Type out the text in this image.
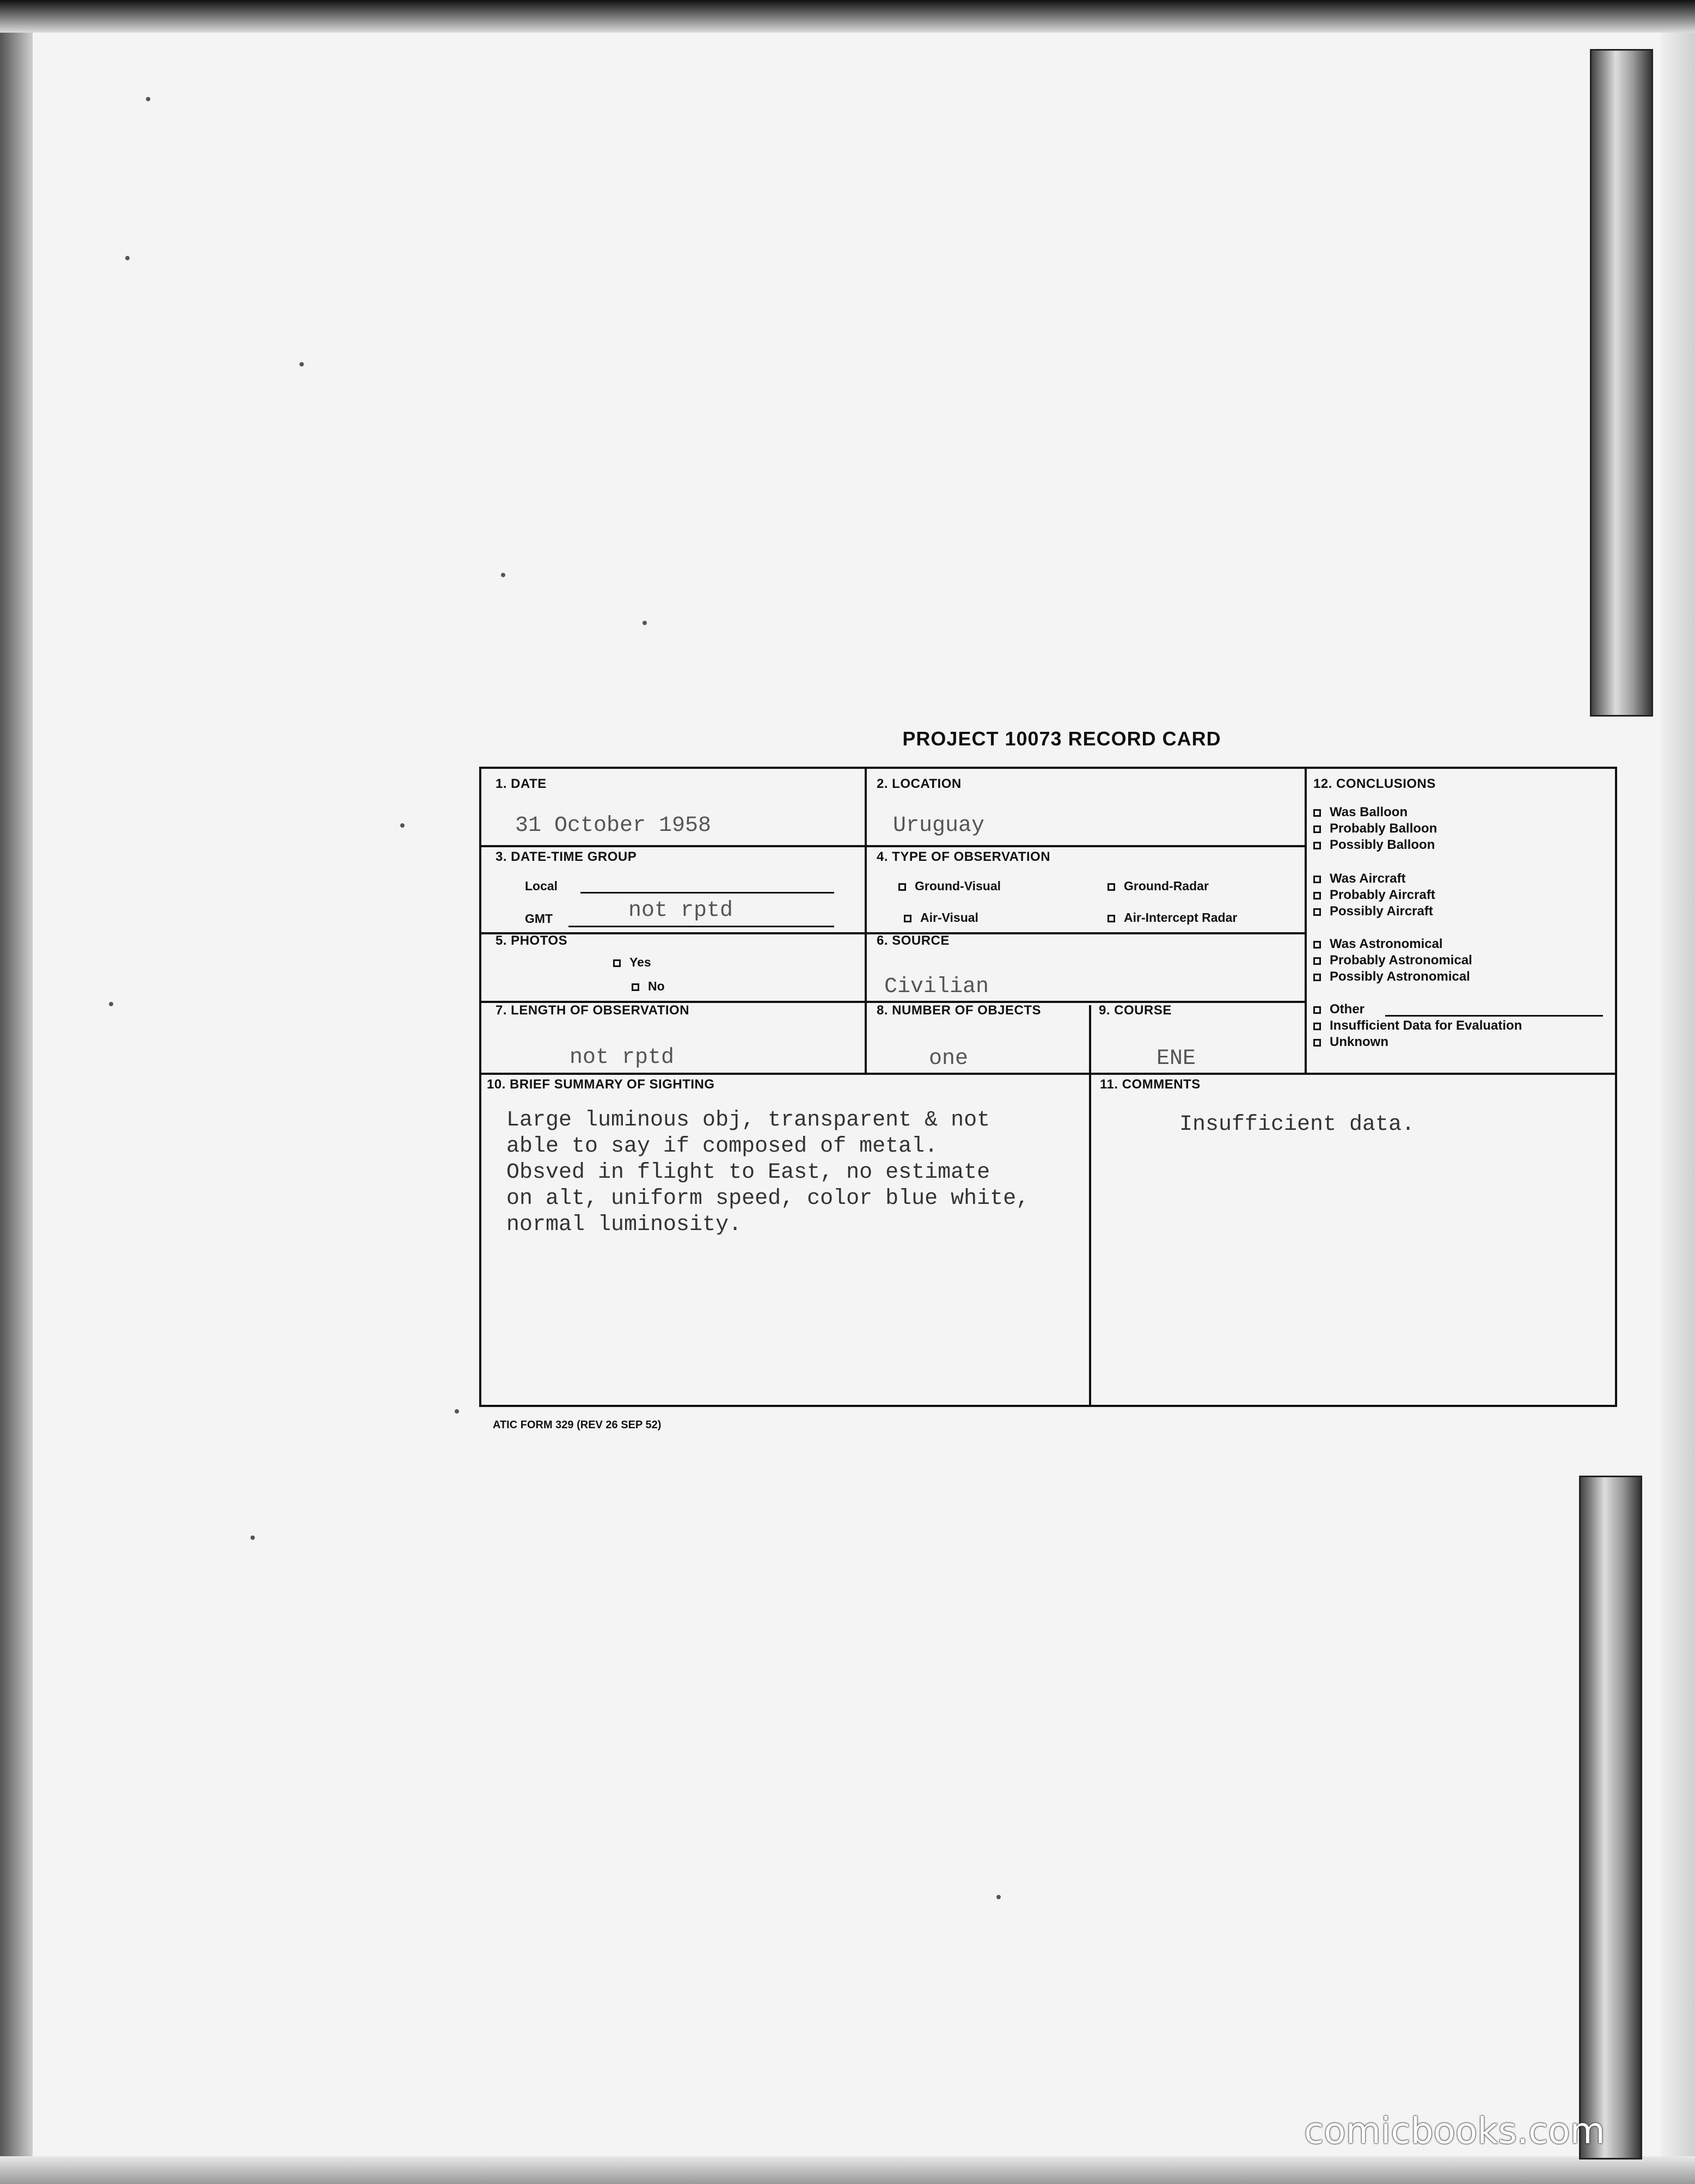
PROJECT 10073 RECORD CARD
1. DATE
31 October 1958
2. LOCATION
Uruguay
3. DATE-TIME GROUP
Local
GMT	not rptd
4. TYPE OF OBSERVATION
Ground-Visual	Ground-Radar
Air-Visual	Air-Intercept Radar
5. PHOTOS
Yes
No
6. SOURCE
Civilian
7. LENGTH OF OBSERVATION
not rptd
8. NUMBER OF OBJECTS
one
9. COURSE
ENE
10. BRIEF SUMMARY OF SIGHTING
Large luminous obj, transparent & not
able to say if composed of metal.
Obsved in flight to East, no estimate
on alt, uniform speed, color blue white,
normal luminosity.
11. COMMENTS
Insufficient data.
12. CONCLUSIONS
Was Balloon
Probably Balloon
Possibly Balloon
Was Aircraft
Probably Aircraft
Possibly Aircraft
Was Astronomical
Probably Astronomical
Possibly Astronomical
Other
Insufficient Data for Evaluation
Unknown
ATIC FORM 329 (REV 26 SEP 52)
comicbooks.com
